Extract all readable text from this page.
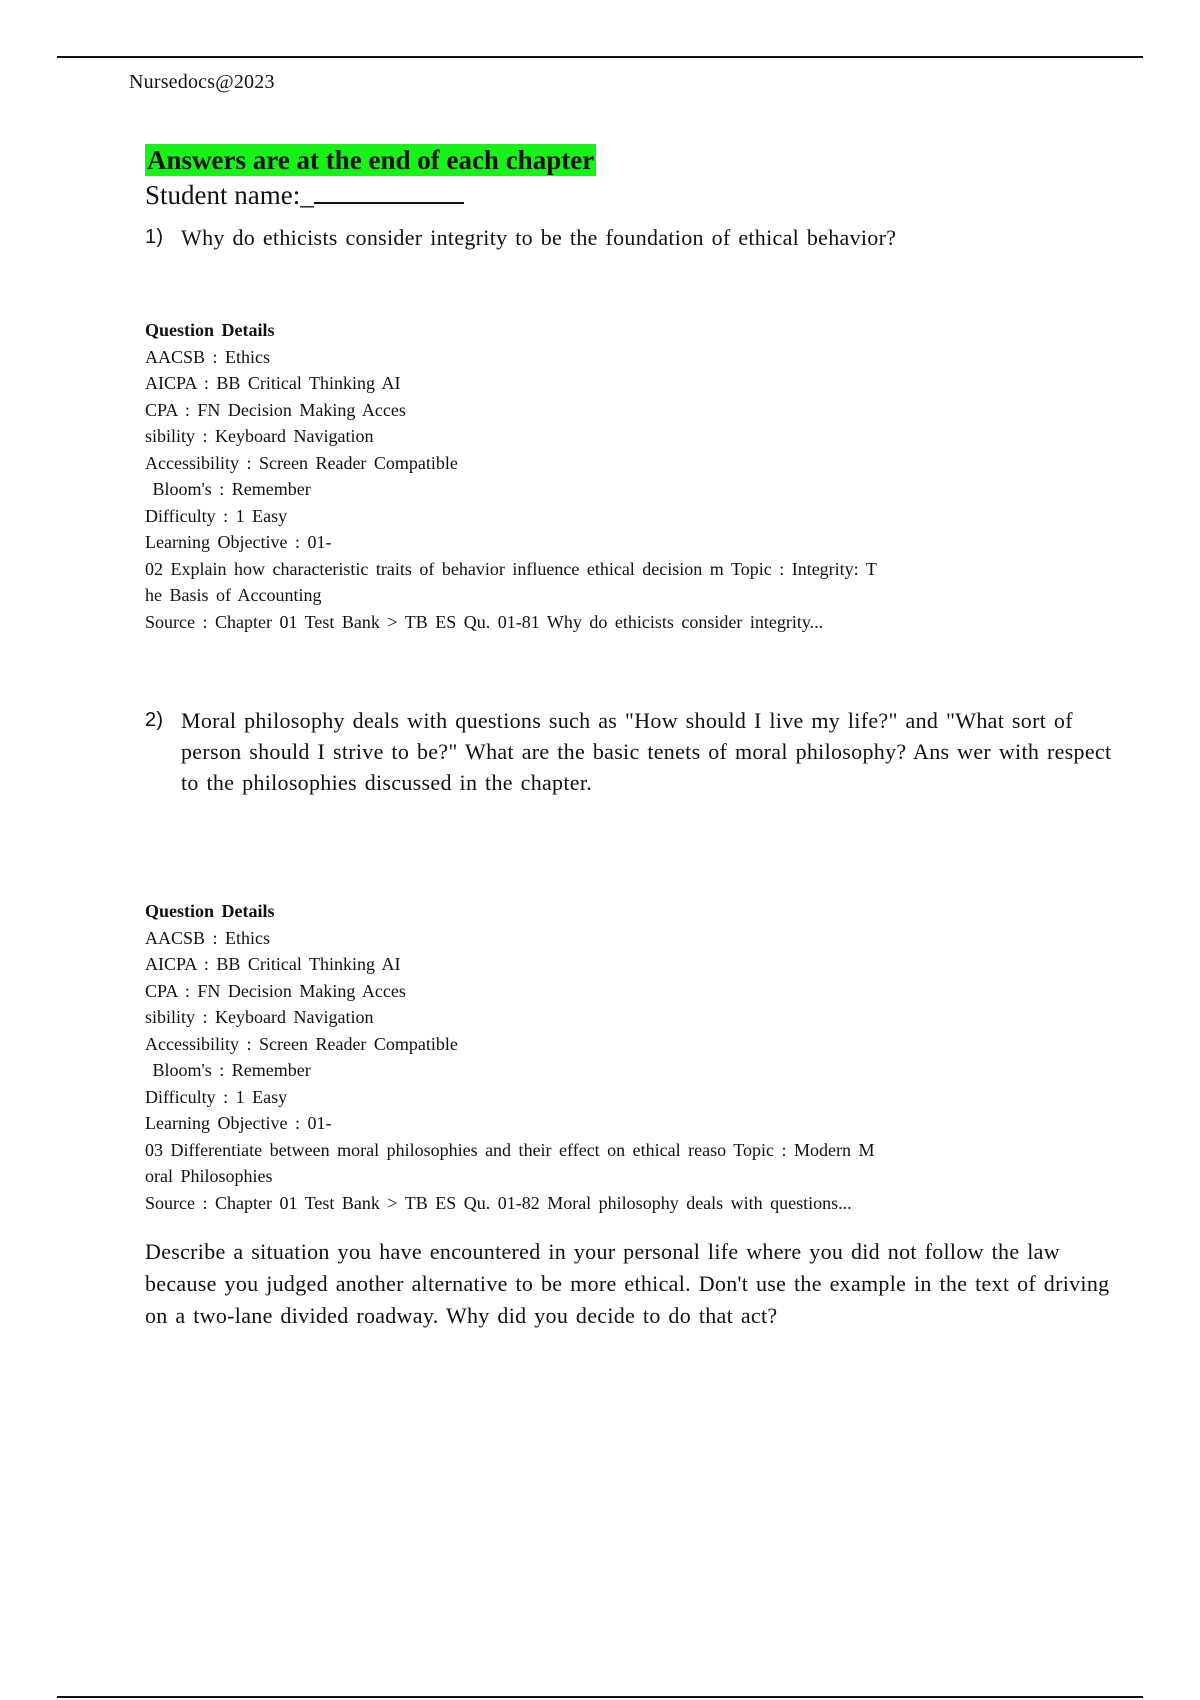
Nursedocs@2023
Answers are at the end of each chapter
Student name:_
1) Why do ethicists consider integrity to be the foundation of ethical behavior?
Question Details
AACSB : Ethics
AICPA : BB Critical Thinking AI
CPA : FN Decision Making Acces
sibility : Keyboard Navigation
Accessibility : Screen Reader Compatible
Bloom's : Remember
Difficulty : 1 Easy
Learning Objective : 01-
02 Explain how characteristic traits of behavior influence ethical decision m Topic : Integrity: T
he Basis of Accounting
Source : Chapter 01 Test Bank > TB ES Qu. 01-81 Why do ethicists consider integrity...
2) Moral philosophy deals with questions such as "How should I live my life?" and "What sort of person should I strive to be?" What are the basic tenets of moral philosophy? Ans wer with respect to the philosophies discussed in the chapter.
Question Details
AACSB : Ethics
AICPA : BB Critical Thinking AI
CPA : FN Decision Making Acces
sibility : Keyboard Navigation
Accessibility : Screen Reader Compatible
Bloom's : Remember
Difficulty : 1 Easy
Learning Objective : 01-
03 Differentiate between moral philosophies and their effect on ethical reaso Topic : Modern M
oral Philosophies
Source : Chapter 01 Test Bank > TB ES Qu. 01-82 Moral philosophy deals with questions...
Describe a situation you have encountered in your personal life where you did not follow the law because you judged another alternative to be more ethical. Don't use the example in the text of driving on a two-lane divided roadway. Why did you decide to do that act?
